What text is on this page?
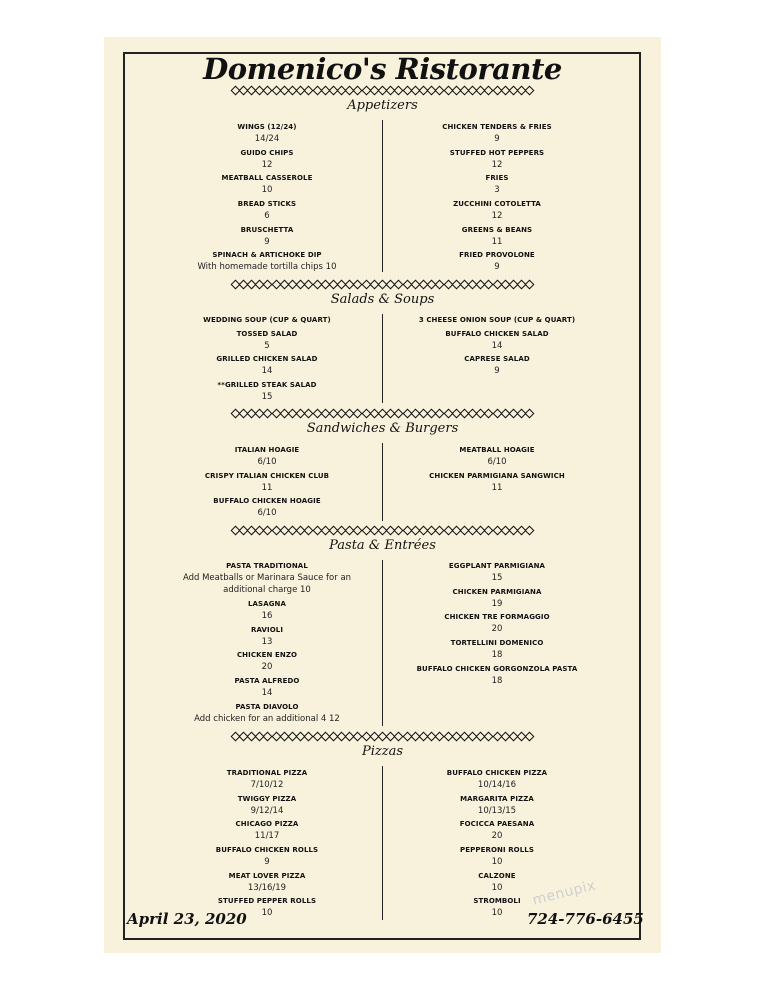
Domenico's Ristorante
Appetizers
Salads & Soups
Sandwiches & Burgers
Pasta & Entrées
Pizzas
WINGS (12/24)
14/24
GUIDO CHIPS
12
MEATBALL CASSEROLE
10
BREAD STICKS
6
BRUSCHETTA
9
SPINACH & ARTICHOKE DIP
With homemade tortilla chips 10
CHICKEN TENDERS & FRIES
9
STUFFED HOT PEPPERS
12
FRIES
3
ZUCCHINI COTOLETTA
12
GREENS & BEANS
11
FRIED PROVOLONE
9
WEDDING SOUP (CUP & QUART)
TOSSED SALAD
5
GRILLED CHICKEN SALAD
14
**GRILLED STEAK SALAD
15
3 CHEESE ONION SOUP (CUP & QUART)
BUFFALO CHICKEN SALAD
14
CAPRESE SALAD
9
ITALIAN HOAGIE
6/10
CRISPY ITALIAN CHICKEN CLUB
11
BUFFALO CHICKEN HOAGIE
6/10
MEATBALL HOAGIE
6/10
CHICKEN PARMIGIANA SANGWICH
11
PASTA TRADITIONAL
Add Meatballs or Marinara Sauce for an
additional charge 10
LASAGNA
16
RAVIOLI
13
CHICKEN ENZO
20
PASTA ALFREDO
14
PASTA DIAVOLO
Add chicken for an additional 4 12
EGGPLANT PARMIGIANA
15
CHICKEN PARMIGIANA
19
CHICKEN TRE FORMAGGIO
20
TORTELLINI DOMENICO
18
BUFFALO CHICKEN GORGONZOLA PASTA
18
TRADITIONAL PIZZA
7/10/12
TWIGGY PIZZA
9/12/14
CHICAGO PIZZA
11/17
BUFFALO CHICKEN ROLLS
9
MEAT LOVER PIZZA
13/16/19
STUFFED PEPPER ROLLS
10
BUFFALO CHICKEN PIZZA
10/14/16
MARGARITA PIZZA
10/13/15
FOCICCA PAESANA
20
PEPPERONI ROLLS
10
CALZONE
10
STROMBOLI
10
April 23, 2020	724-776-6455
menupix
